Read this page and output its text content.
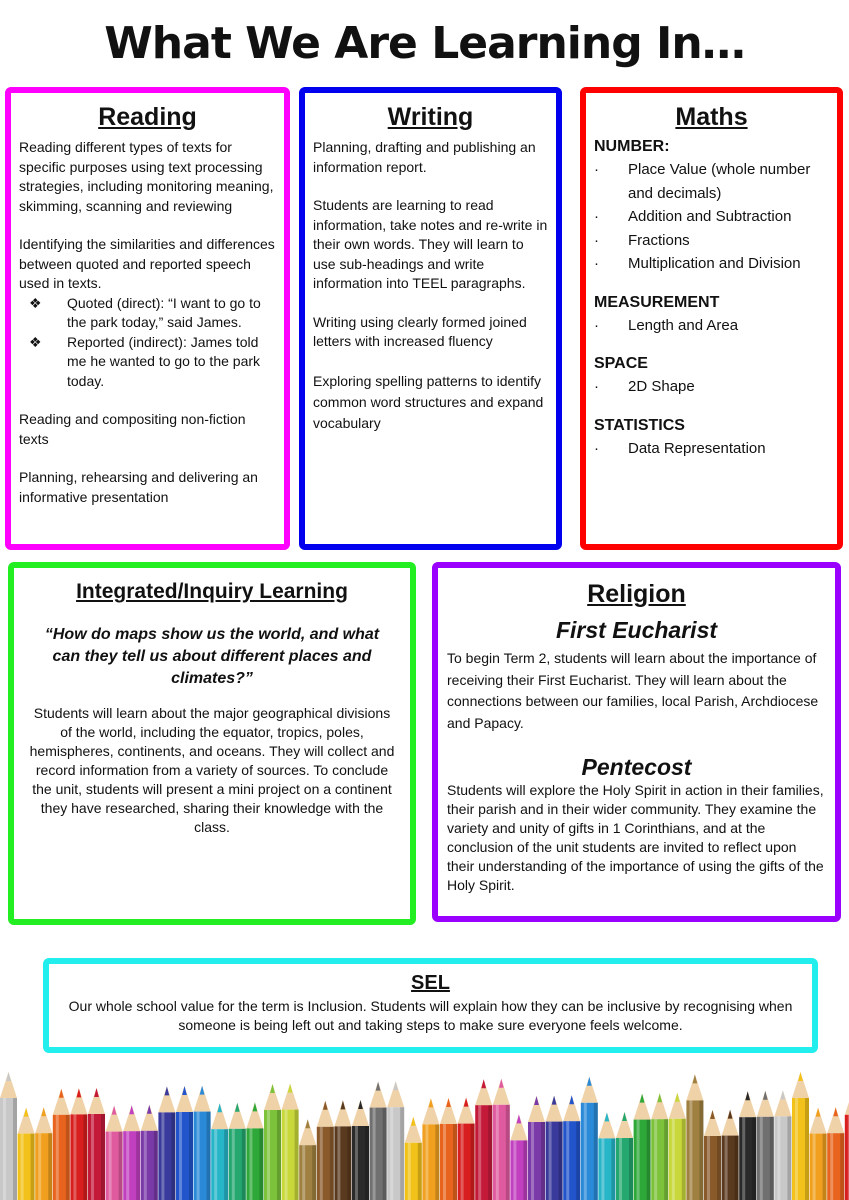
What We Are Learning In…
Reading

Reading different types of texts for specific purposes using text processing strategies, including monitoring meaning, skimming, scanning and reviewing

Identifying the similarities and differences between quoted and reported speech used in texts.

❖	Quoted (direct): “I want to go to the park today,” said James.
❖	Reported (indirect): James told me he wanted to go to the park today.

Reading and compositing non-fiction texts

Planning, rehearsing and delivering an informative presentation

Writing

Planning, drafting and publishing an information report.

Students are learning to read information, take notes and re-write in their own words. They will learn to use sub-headings and write information into TEEL paragraphs.

Writing using clearly formed joined letters with increased fluency

Exploring spelling patterns to identify common word structures and expand vocabulary

Maths
NUMBER:
·	Place Value (whole number and decimals)
·	Addition and Subtraction
·	Fractions
·	Multiplication and Division
MEASUREMENT
·	Length and Area
SPACE
·	2D Shape
STATISTICS
·	Data Representation
Integrated/Inquiry Learning
“How do maps show us the world, and what can they tell us about different places and climates?”
Students will learn about the major geographical divisions of the world, including the equator, tropics, poles, hemispheres, continents, and oceans. They will collect and record information from a variety of sources. To conclude the unit, students will present a mini project on a continent they have researched, sharing their knowledge with the class.
Religion
First Eucharist
To begin Term 2, students will learn about the importance of receiving their First Eucharist. They will learn about the connections between our families, local Parish, Archdiocese and Papacy.
Pentecost
Students will explore the Holy Spirit in action in their families, their parish and in their wider community. They examine the variety and unity of gifts in 1 Corinthians, and at the conclusion of the unit students are invited to reflect upon their understanding of the importance of using the gifts of the Holy Spirit.
SEL
Our whole school value for the term is Inclusion. Students will explain how they can be inclusive by recognising when someone is being left out and taking steps to make sure everyone feels welcome.
